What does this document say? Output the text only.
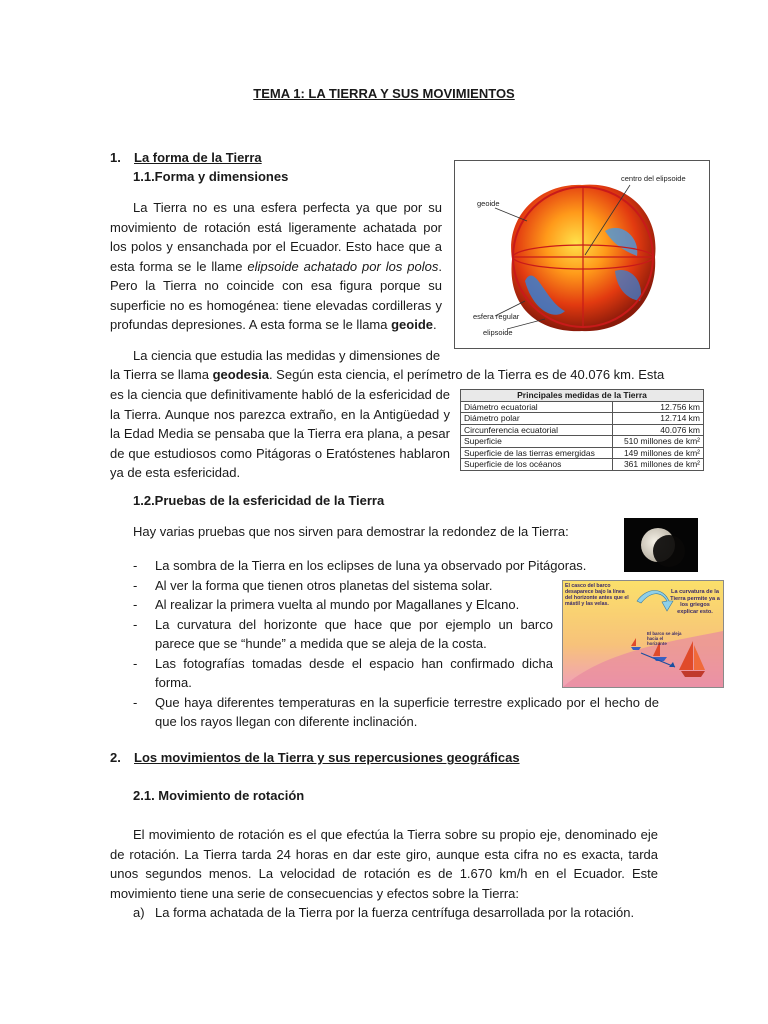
TEMA 1: LA TIERRA Y SUS MOVIMIENTOS
1. La forma de la Tierra
1.1.Forma y dimensiones
La Tierra no es una esfera perfecta ya que por su movimiento de rotación está ligeramente achatada por los polos y ensanchada por el Ecuador. Esto hace que a esta forma se le llame elipsoide achatado por los polos. Pero la Tierra no coincide con esa figura porque su superficie no es homogénea: tiene elevadas cordilleras y profundas depresiones. A esta forma se le llama geoide.
centro del elipsoide
geoide
esfera regular
elipsoide
La ciencia que estudia las medidas y dimensiones de
la Tierra se llama geodesia. Según esta ciencia, el perímetro de la Tierra es de 40.076 km. Esta
es la ciencia que definitivamente habló de la esfericidad de la Tierra. Aunque nos parezca extraño, en la Antigüedad y la Edad Media se pensaba que la Tierra era plana, a pesar de que estudiosos como Pitágoras o Eratóstenes hablaron ya de esta esfericidad.
Principales medidas de la Tierra	
Diámetro ecuatorial	12.756 km
Diámetro polar	12.714 km
Circunferencia ecuatorial	40.076 km
Superficie	510 millones de km²
Superficie de las tierras emergidas	149 millones de km²
Superficie de los océanos	361 millones de km²
1.2.Pruebas de la esfericidad de la Tierra
Hay varias pruebas que nos sirven para demostrar la redondez de la Tierra:
- La sombra de la Tierra en los eclipses de luna ya observado por Pitágoras.
- Al ver la forma que tienen otros planetas del sistema solar.
- Al realizar la primera vuelta al mundo por Magallanes y Elcano.
- La curvatura del horizonte que hace que por ejemplo un barco parece que se “hunde” a medida que se aleja de la costa.
- Las fotografías tomadas desde el espacio han confirmado dicha forma.
- Que haya diferentes temperaturas en la superficie terrestre explicado por el hecho de que los rayos llegan con diferente inclinación.
El casco del barco desaparece bajo la línea del horizonte antes que el mástil y las velas.
La curvatura de la Tierra permite ya a los griegos explicar esto.
El barco se aleja hacia el horizonte
2. Los movimientos de la Tierra y sus repercusiones geográficas
2.1. Movimiento de rotación
El movimiento de rotación es el que efectúa la Tierra sobre su propio eje, denominado eje de rotación. La Tierra tarda 24 horas en dar este giro, aunque esta cifra no es exacta, tarda unos segundos menos. La velocidad de rotación es de 1.670 km/h en el Ecuador. Este movimiento tiene una serie de consecuencias y efectos sobre la Tierra:
a) La forma achatada de la Tierra por la fuerza centrífuga desarrollada por la rotación.
